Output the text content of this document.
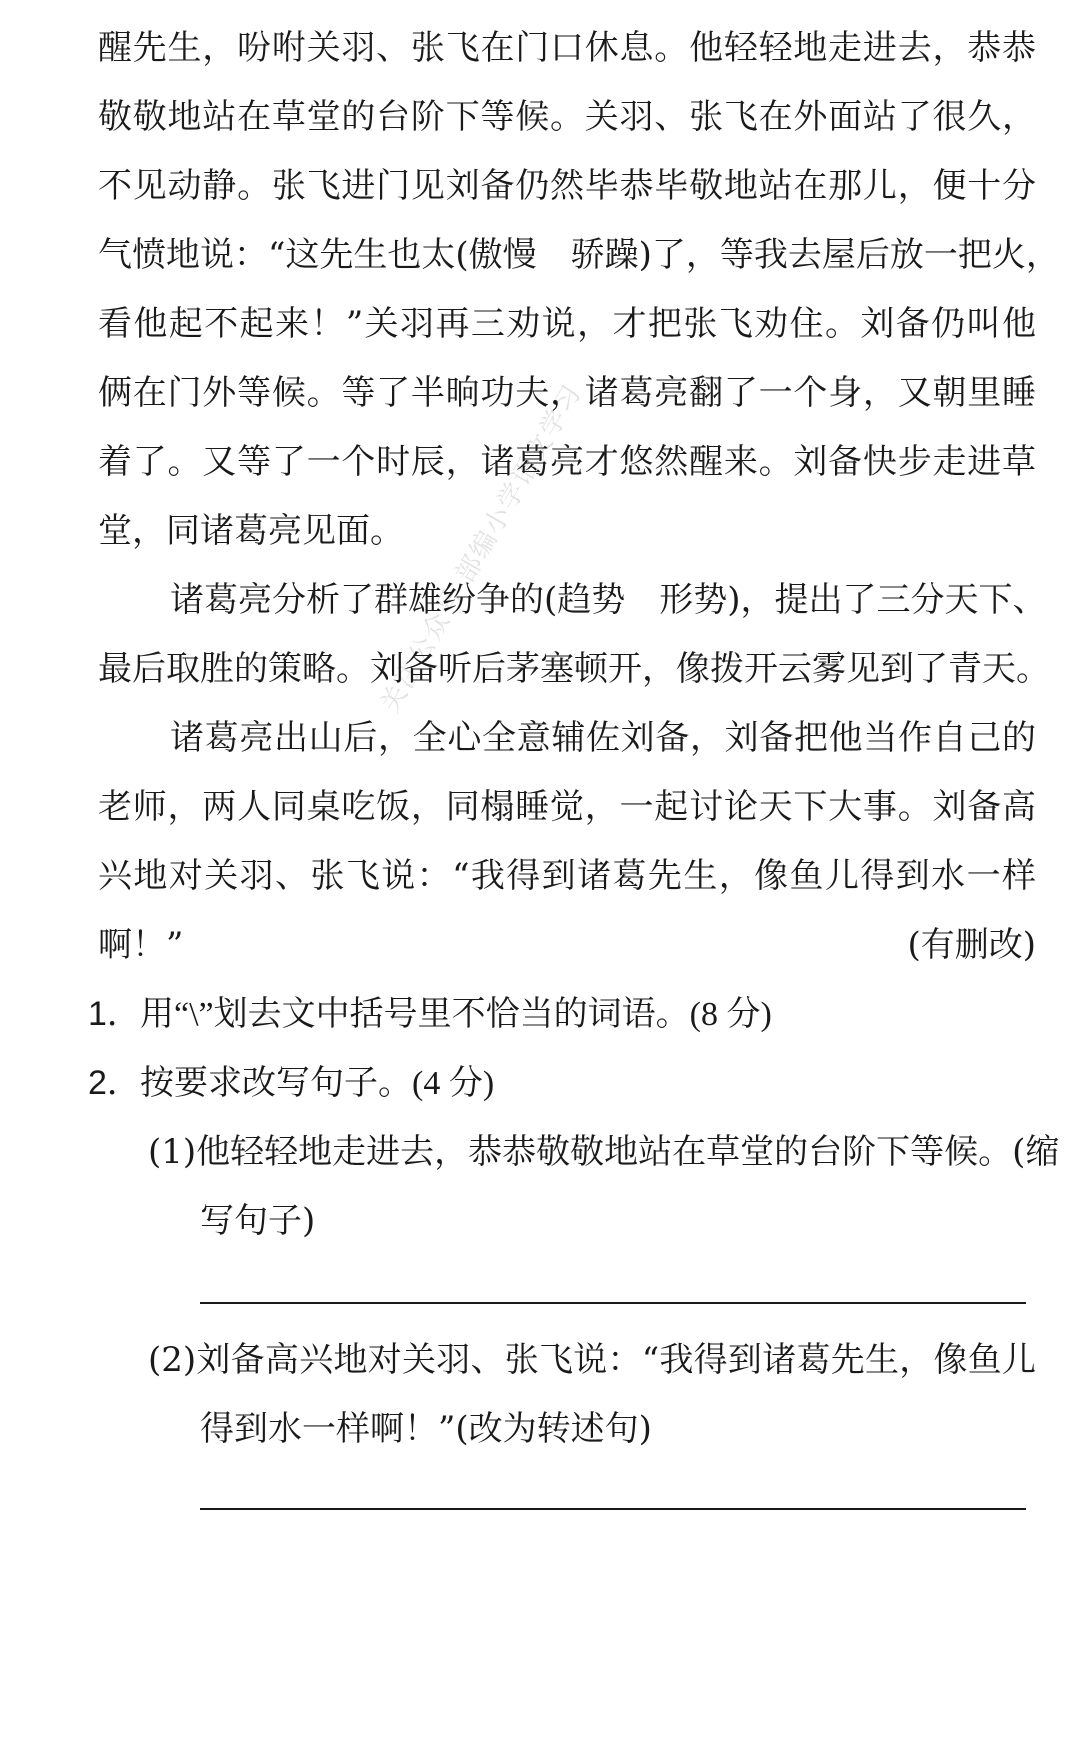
关注公众号 部编小学语文学习
醒先生，吩咐关羽、张飞在门口休息。他轻轻地走进去，恭恭
敬敬地站在草堂的台阶下等候。关羽、张飞在外面站了很久，
不见动静。张飞进门见刘备仍然毕恭毕敬地站在那儿，便十分
气愤地说：“这先生也太(傲慢　骄躁)了，等我去屋后放一把火，
看他起不起来！”关羽再三劝说，才把张飞劝住。刘备仍叫他
俩在门外等候。等了半晌功夫，诸葛亮翻了一个身，又朝里睡
着了。又等了一个时辰，诸葛亮才悠然醒来。刘备快步走进草
堂，同诸葛亮见面。
诸葛亮分析了群雄纷争的(趋势　形势)，提出了三分天下、
最后取胜的策略。刘备听后茅塞顿开，像拨开云雾见到了青天。
诸葛亮出山后，全心全意辅佐刘备，刘备把他当作自己的
老师，两人同桌吃饭，同榻睡觉，一起讨论天下大事。刘备高
兴地对关羽、张飞说：“我得到诸葛先生，像鱼儿得到水一样
啊！”	(有删改)
1．用“\”划去文中括号里不恰当的词语。(8 分)
2．按要求改写句子。(4 分)
(1)他轻轻地走进去，恭恭敬敬地站在草堂的台阶下等候。(缩
写句子)
(2)刘备高兴地对关羽、张飞说：“我得到诸葛先生，像鱼儿
得到水一样啊！”(改为转述句)
